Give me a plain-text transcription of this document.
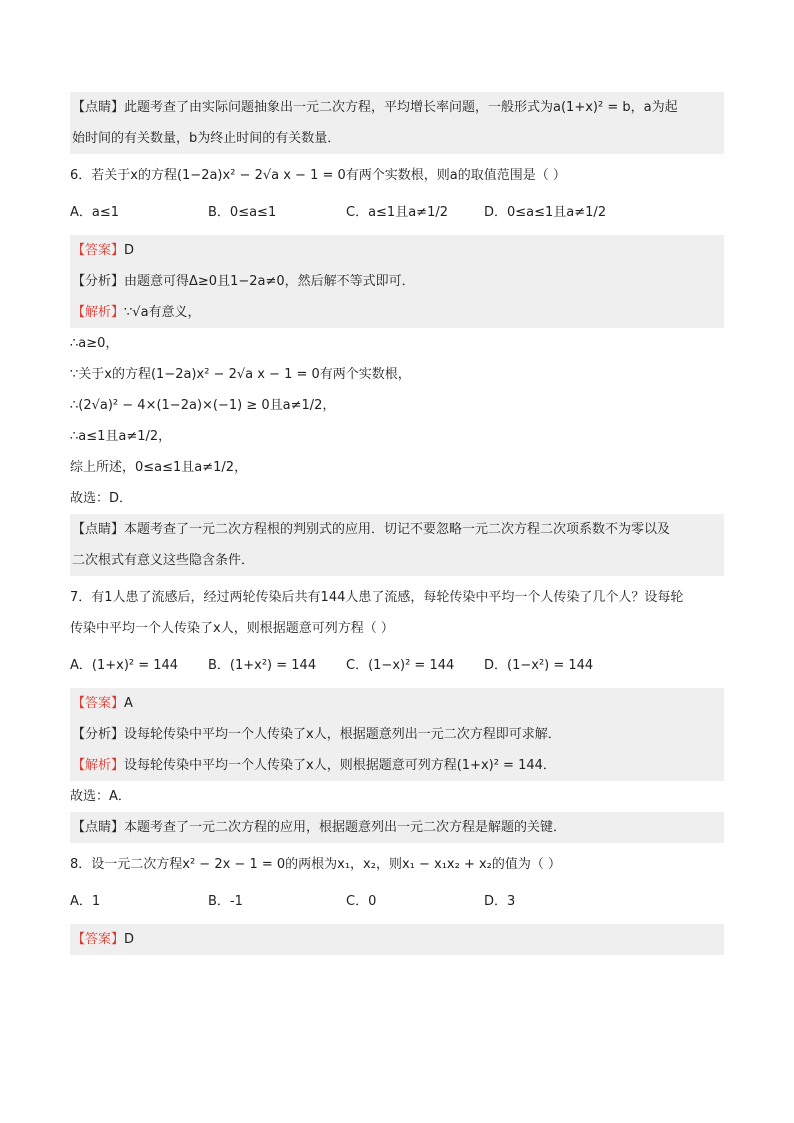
【点睛】此题考查了由实际问题抽象出一元二次方程，平均增长率问题，一般形式为a(1+x)² = b，a为起
始时间的有关数量，b为终止时间的有关数量．
6．若关于x的方程(1−2a)x² − 2√a x − 1 = 0有两个实数根，则a的取值范围是（ ）
A．a≤1	B．0≤a≤1	C．a≤1且a≠1/2	D．0≤a≤1且a≠1/2
【答案】D
【分析】由题意可得Δ≥0且1−2a≠0，然后解不等式即可．
【解析】∵√a有意义，
∴a≥0，
∵关于x的方程(1−2a)x² − 2√a x − 1 = 0有两个实数根，
∴(2√a)² − 4×(1−2a)×(−1) ≥ 0且a≠1/2，
∴a≤1且a≠1/2，
综上所述，0≤a≤1且a≠1/2，
故选：D．
【点睛】本题考查了一元二次方程根的判别式的应用．切记不要忽略一元二次方程二次项系数不为零以及
二次根式有意义这些隐含条件．
7．有1人患了流感后，经过两轮传染后共有144人患了流感，每轮传染中平均一个人传染了几个人？设每轮
传染中平均一个人传染了x人，则根据题意可列方程（ ）
A．(1+x)² = 144	B．(1+x²) = 144	C．(1−x)² = 144	D．(1−x²) = 144
【答案】A
【分析】设每轮传染中平均一个人传染了x人，根据题意列出一元二次方程即可求解．
【解析】设每轮传染中平均一个人传染了x人，则根据题意可列方程(1+x)² = 144．
故选：A．
【点睛】本题考查了一元二次方程的应用，根据题意列出一元二次方程是解题的关键．
8．设一元二次方程x² − 2x − 1 = 0的两根为x₁，x₂，则x₁ − x₁x₂ + x₂的值为（ ）
A．1	B．-1	C．0	D．3
【答案】D
